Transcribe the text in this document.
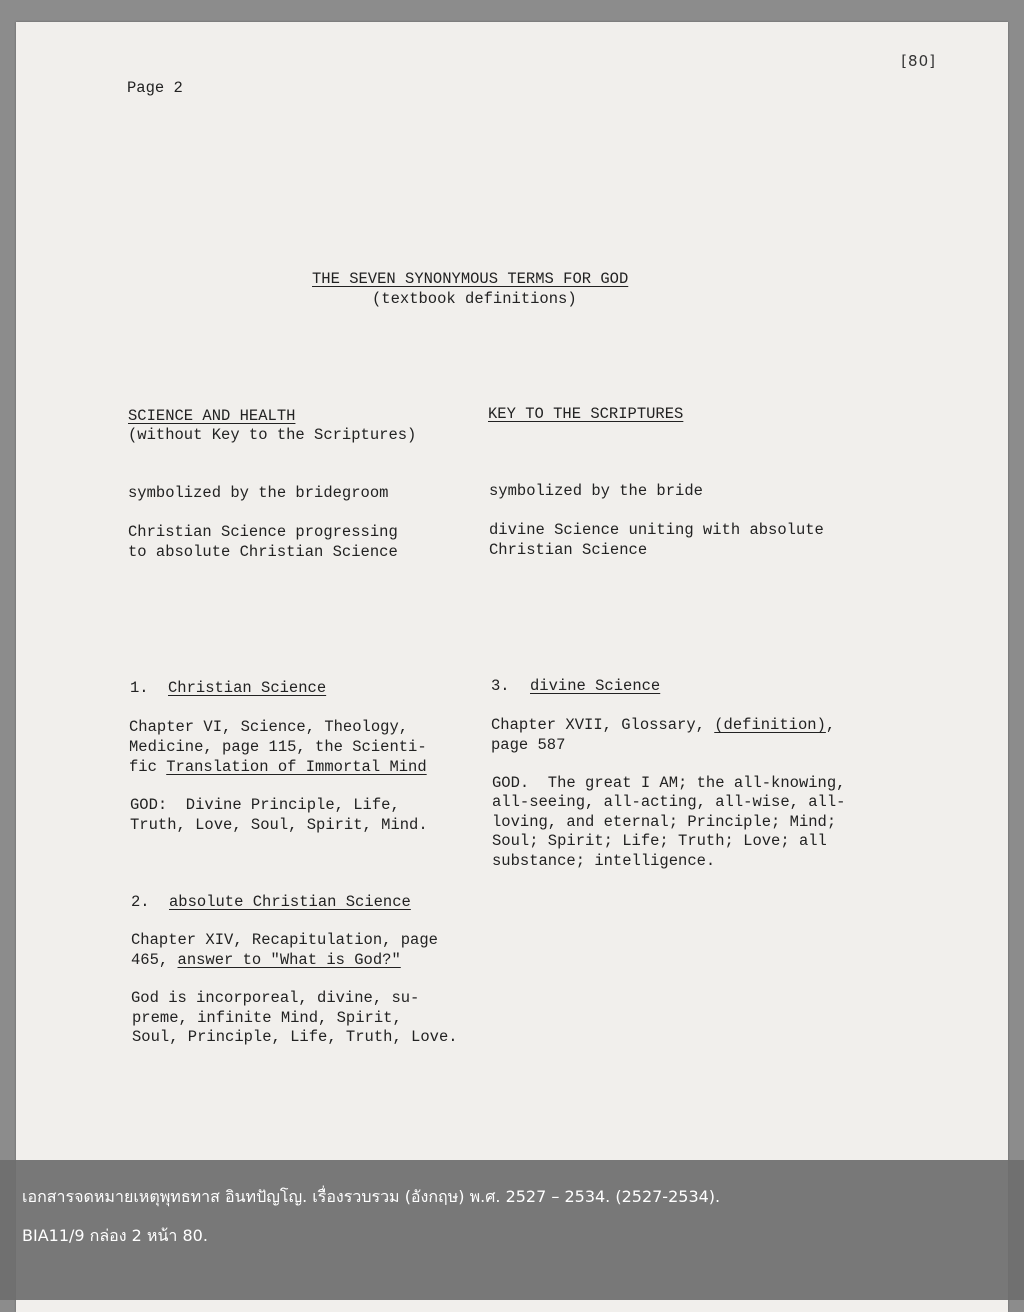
Page 2
[80]
THE SEVEN SYNONYMOUS TERMS FOR GOD
(textbook definitions)
SCIENCE AND HEALTH
(without Key to the Scriptures)
symbolized by the bridegroom
Christian Science progressing
to absolute Christian Science
1. Christian Science
Chapter VI, Science, Theology,
Medicine, page 115, the Scienti-
fic Translation of Immortal Mind
GOD:  Divine Principle, Life,
Truth, Love, Soul, Spirit, Mind.
2. absolute Christian Science
Chapter XIV, Recapitulation, page
465, answer to "What is God?"
God is incorporeal, divine, su-
preme, infinite Mind, Spirit,
Soul, Principle, Life, Truth, Love.
KEY TO THE SCRIPTURES
symbolized by the bride
divine Science uniting with absolute
Christian Science
3. divine Science
Chapter XVII, Glossary, (definition),
page 587
GOD.  The great I AM; the all-knowing,
all-seeing, all-acting, all-wise, all-
loving, and eternal; Principle; Mind;
Soul; Spirit; Life; Truth; Love; all
substance; intelligence.
เอกสารจดหมายเหตุพุทธทาส อินทปัญโญ. เรื่องรวบรวม (อังกฤษ) พ.ศ. 2527 – 2534. (2527-2534).
BIA11/9 กล่อง 2 หน้า 80.
